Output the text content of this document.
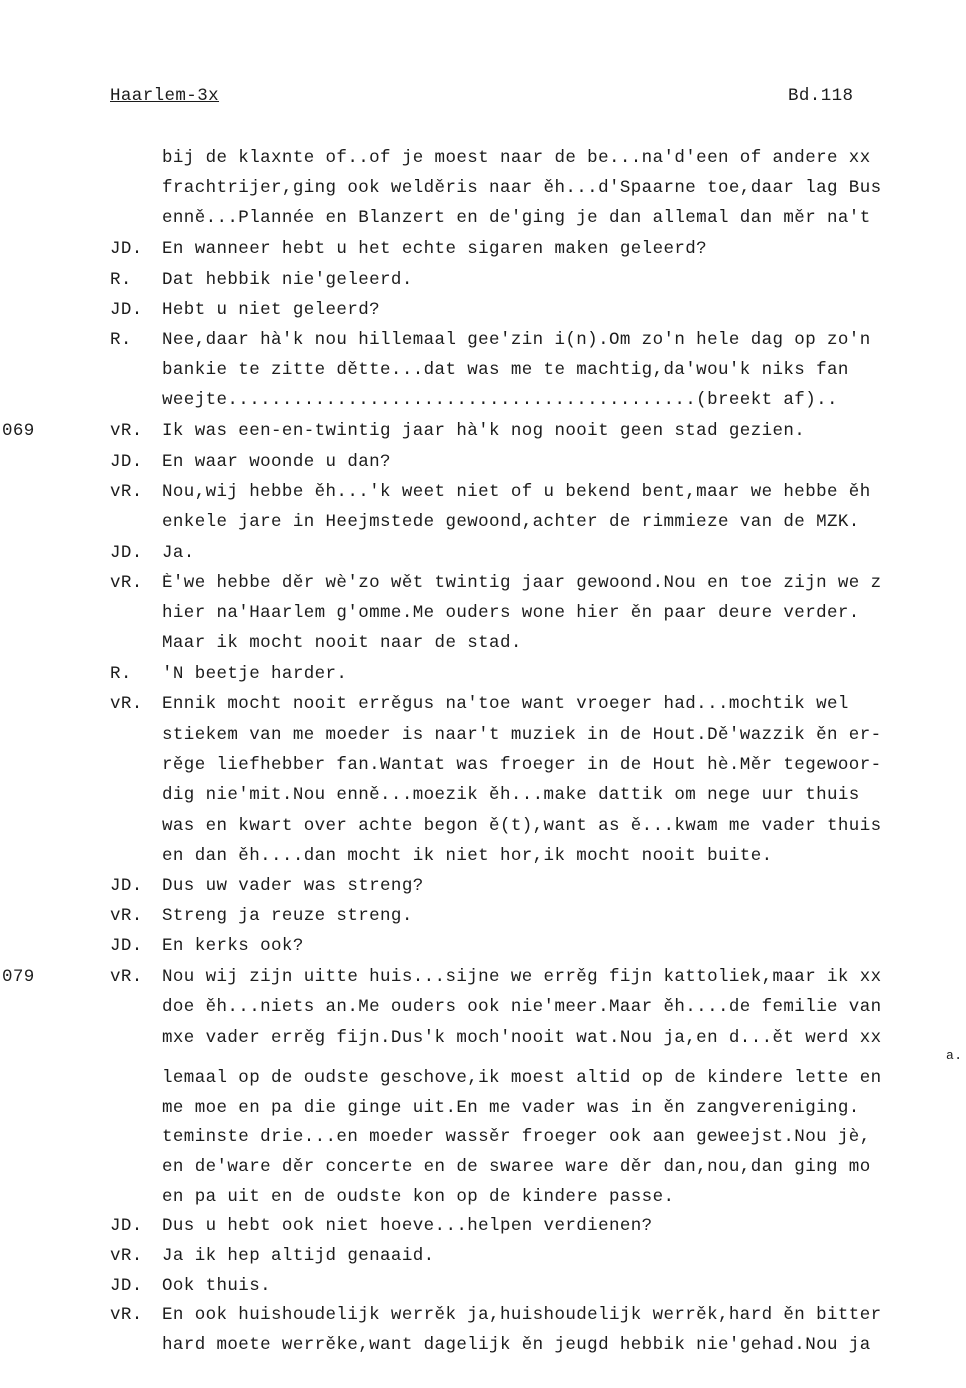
Haarlem-3x	Bd.118
bij de klaxnte of..of je moest naar de be...na'd'een of andere xx
frachtrijer,ging ook welděris naar ěh...d'Spaarne toe,daar lag Bus
enně...Plannée en Blanzert en de'ging je dan allemal dan měr na't
JD. En wanneer hebt u het echte sigaren maken geleerd?
R. Dat hebbik nie'geleerd.
JD. Hebt u niet geleerd?
R. Nee,daar hà'k nou hillemaal gee'zin i(n).Om zo'n hele dag op zo'n
bankie te zitte dětte...dat was me te machtig,da'wou'k niks fan
weejte...........................................(breekt af)..
069	vR. Ik was een-en-twintig jaar hà'k nog nooit geen stad gezien.
JD. En waar woonde u dan?
vR. Nou,wij hebbe ěh...'k weet niet of u bekend bent,maar we hebbe ěh
enkele jare in Heejmstede gewoond,achter de rimmieze van de MZK.
JD. Ja.
vR. È'we hebbe děr wè'zo wět twintig jaar gewoond.Nou en toe zijn we z
hier na'Haarlem g'omme.Me ouders wone hier ěn paar deure verder.
Maar ik mocht nooit naar de stad.
R. 'N beetje harder.
vR. Ennik mocht nooit errěgus na'toe want vroeger had...mochtik wel
stiekem van me moeder is naar't muziek in de Hout.Dě'wazzik ěn er-
rěge liefhebber fan.Wantat was froeger in de Hout hè.Měr tegewoor-
dig nie'mit.Nou enně...moezik ěh...make dattik om nege uur thuis
was en kwart over achte begon ě(t),want as ě...kwam me vader thuis
en dan ěh....dan mocht ik niet hor,ik mocht nooit buite.
JD. Dus uw vader was streng?
vR. Streng ja reuze streng.
JD. En kerks ook?
079	vR. Nou wij zijn uitte huis...sijne we errěg fijn kattoliek,maar ik xx
doe ěh...niets an.Me ouders ook nie'meer.Maar ěh....de femilie van
mxe vader errěg fijn.Dus'k moch'nooit wat.Nou ja,en d...ět werd xx
lemaal op de oudste geschove,ik moest altid op de kindere lette en
me moe en pa die ginge uit.En me vader was in ěn zangvereniging.
teminste drie...en moeder wassěr froeger ook aan geweejst.Nou jè,
en de'ware děr concerte en de swaree ware děr dan,nou,dan ging mo
en pa uit en de oudste kon op de kindere passe.
JD. Dus u hebt ook niet hoeve...helpen verdienen?
vR. Ja ik hep altijd genaaid.
JD. Ook thuis.
vR. En ook huishoudelijk werrěk ja,huishoudelijk werrěk,hard ěn bitter
hard moete werrěke,want dagelijk ěn jeugd hebbik nie'gehad.Nou ja
a.
